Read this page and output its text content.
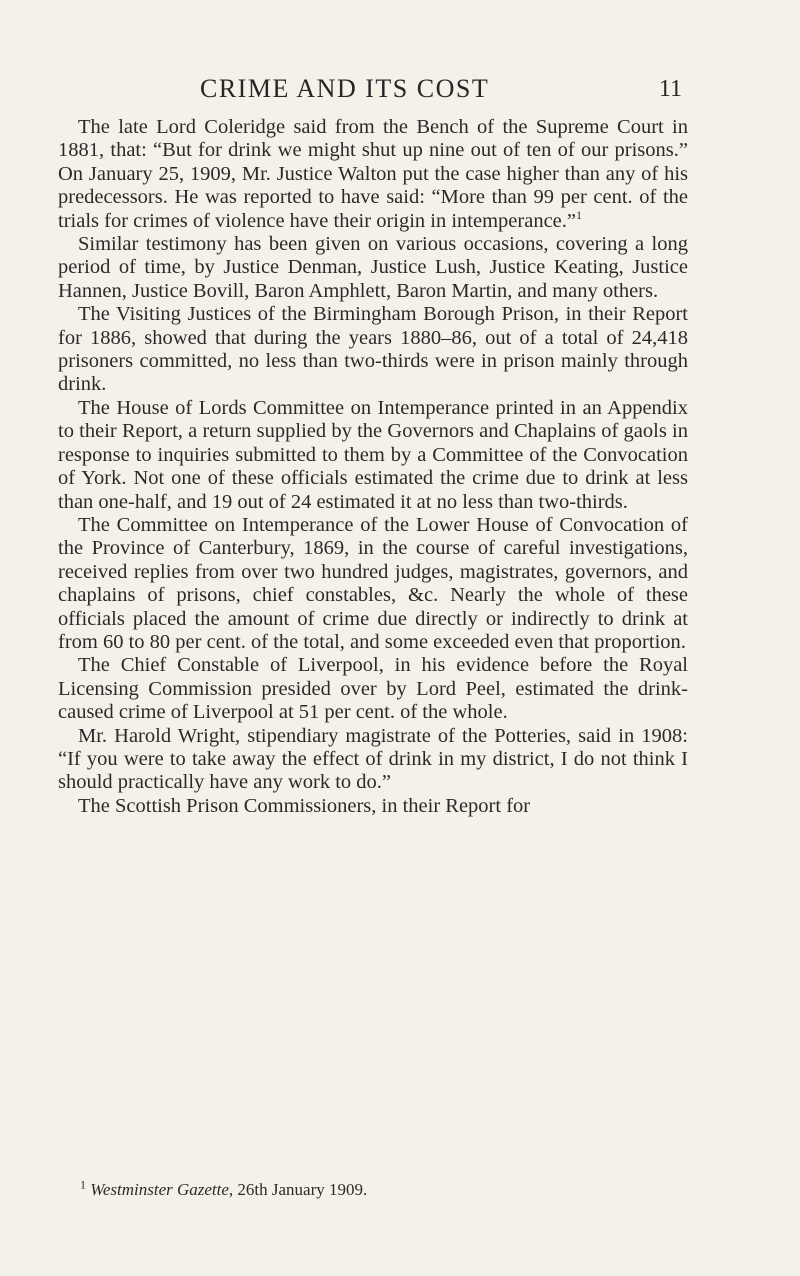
CRIME AND ITS COST	11

The late Lord Coleridge said from the Bench of the Supreme Court in 1881, that: “But for drink we might shut up nine out of ten of our prisons.” On January 25, 1909, Mr. Justice Walton put the case higher than any of his predecessors. He was reported to have said: “More than 99 per cent. of the trials for crimes of violence have their origin in intemperance.”$^1$

Similar testimony has been given on various occasions, covering a long period of time, by Justice Denman, Justice Lush, Justice Keating, Justice Hannen, Justice Bovill, Baron Amphlett, Baron Martin, and many others.

The Visiting Justices of the Birmingham Borough Prison, in their Report for 1886, showed that during the years 1880–86, out of a total of 24,418 prisoners committed, no less than two-thirds were in prison mainly through drink.

The House of Lords Committee on Intemperance printed in an Appendix to their Report, a return supplied by the Governors and Chaplains of gaols in response to inquiries submitted to them by a Committee of the Convocation of York. Not one of these officials estimated the crime due to drink at less than one-half, and 19 out of 24 estimated it at no less than two-thirds.

The Committee on Intemperance of the Lower House of Convocation of the Province of Canterbury, 1869, in the course of careful investigations, received replies from over two hundred judges, magistrates, governors, and chaplains of prisons, chief constables, &c. Nearly the whole of these officials placed the amount of crime due directly or indirectly to drink at from 60 to 80 per cent. of the total, and some exceeded even that proportion.

The Chief Constable of Liverpool, in his evidence before the Royal Licensing Commission presided over by Lord Peel, estimated the drink-caused crime of Liverpool at 51 per cent. of the whole.

Mr. Harold Wright, stipendiary magistrate of the Potteries, said in 1908: “If you were to take away the effect of drink in my district, I do not think I should practically have any work to do.”

The Scottish Prison Commissioners, in their Report for

$^1$ Westminster Gazette, 26th January 1909.
